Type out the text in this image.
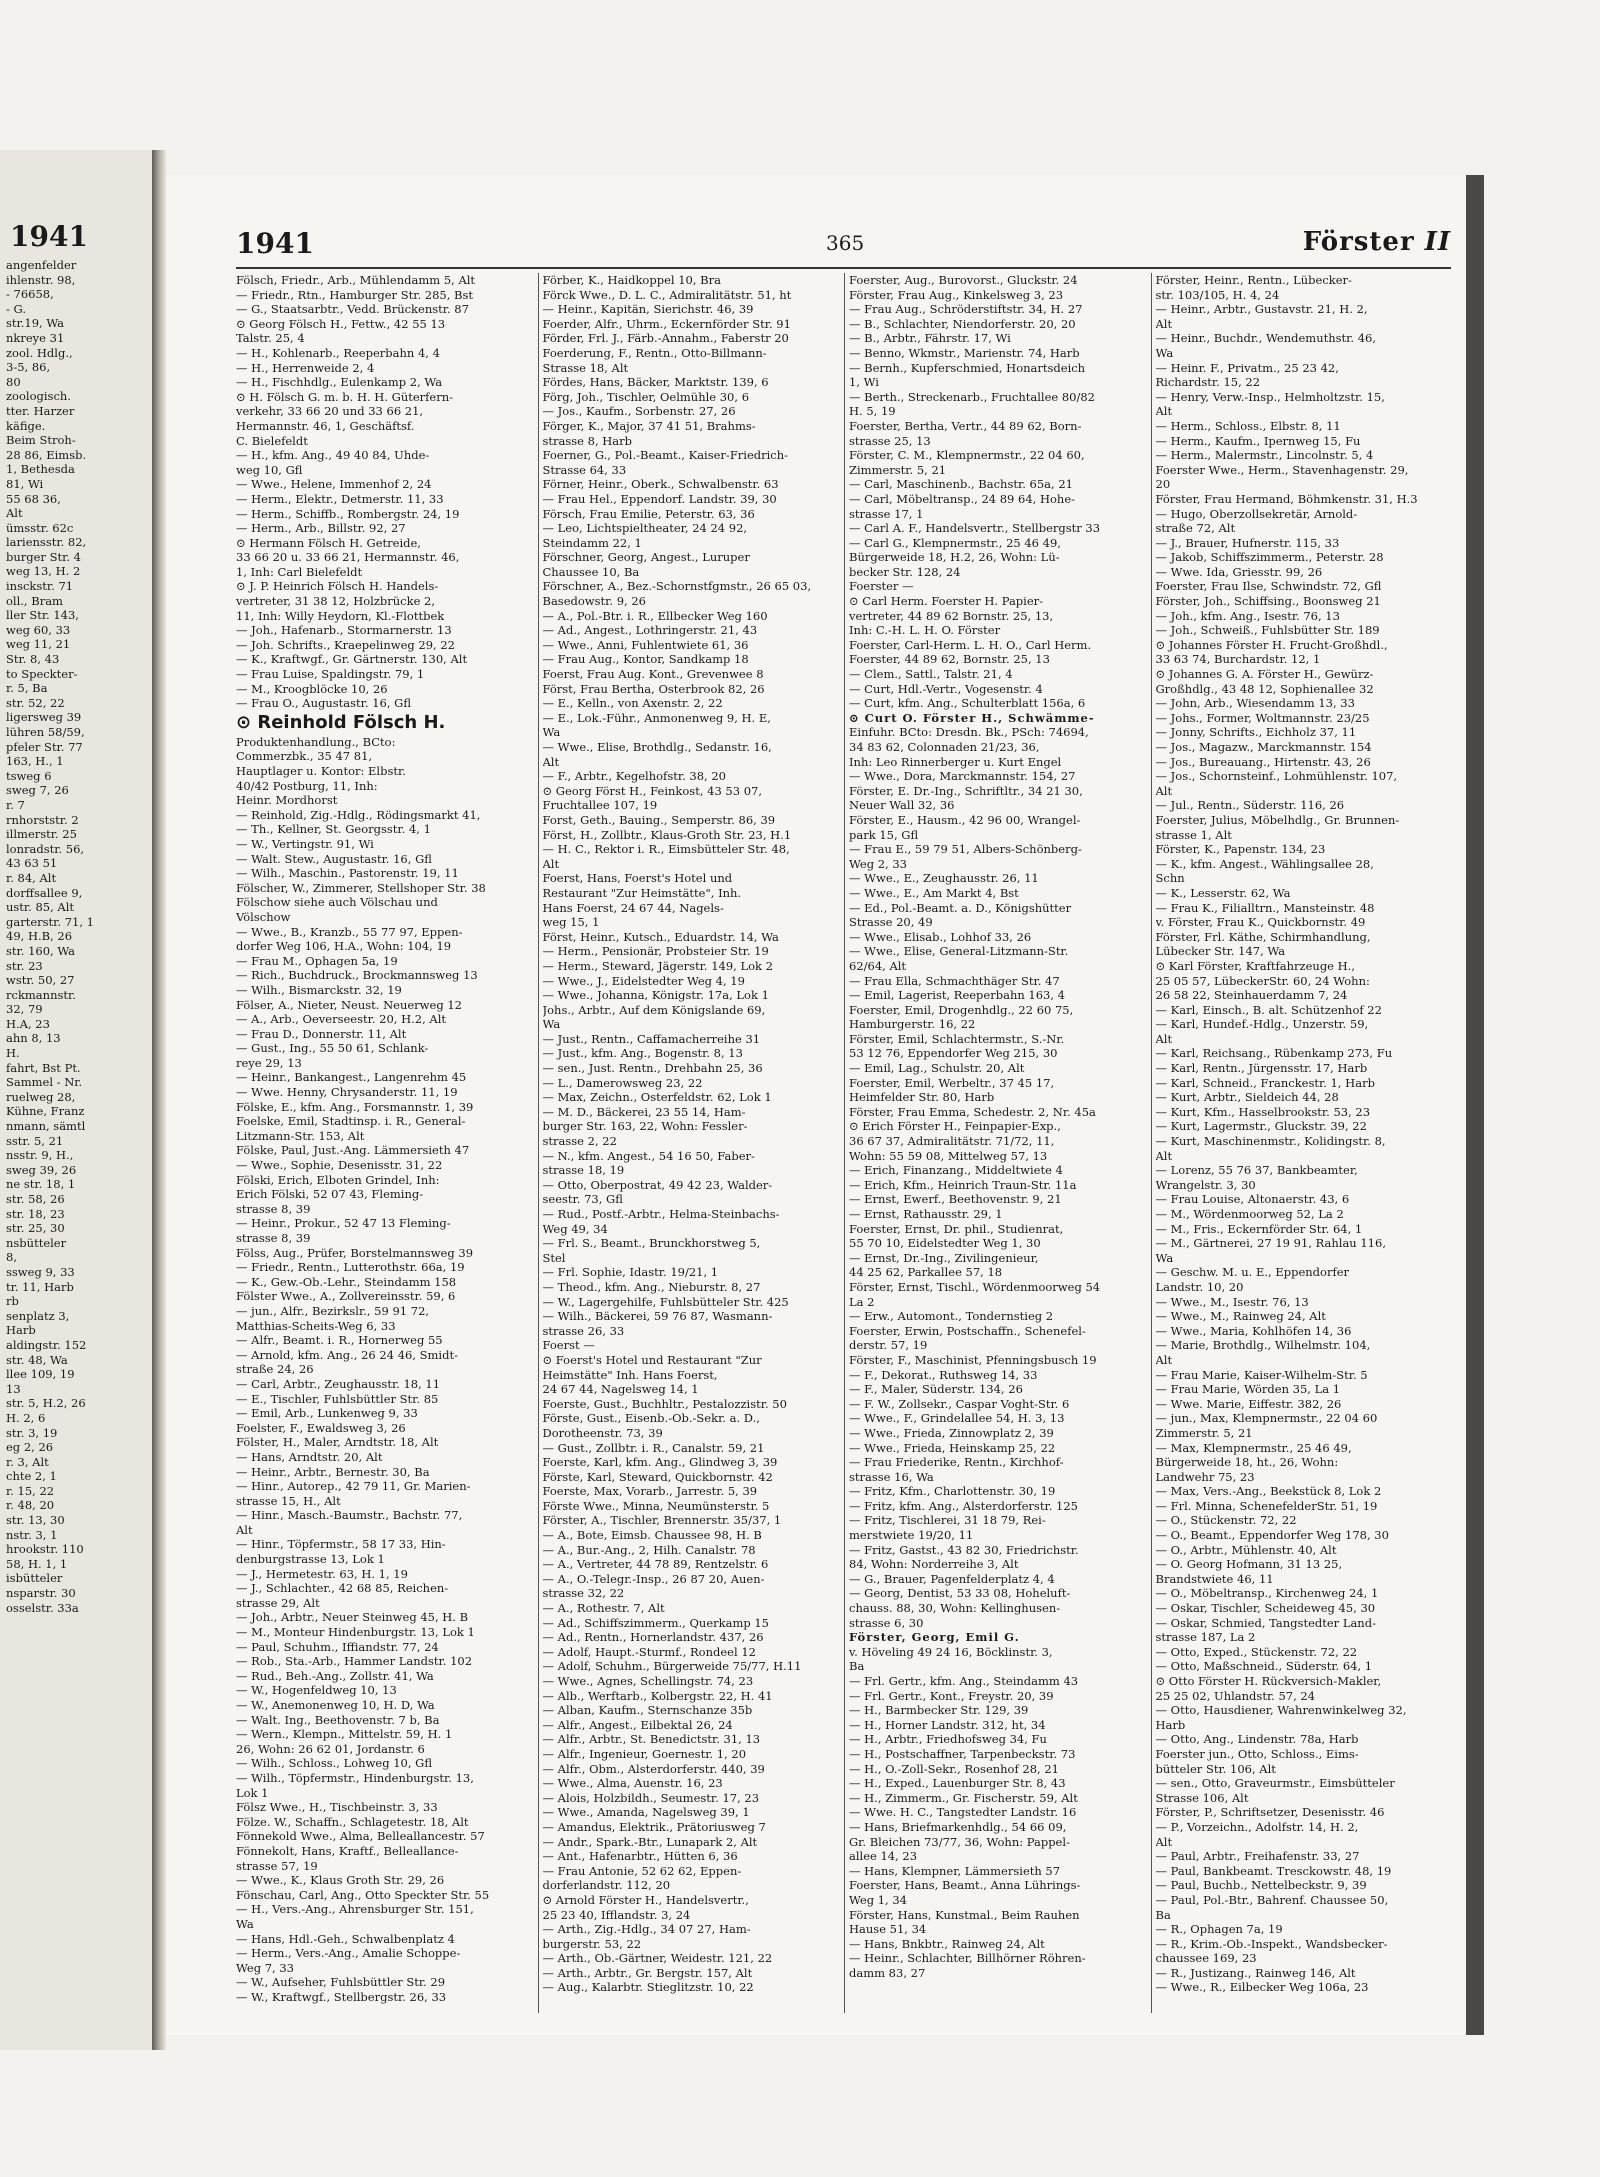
1941
angenfelder
ihlenstr. 98,
- 76658,
- G.
str.19, Wa
nkreye 31
zool. Hdlg.,
3-5, 86,
80
zoologisch.
tter. Harzer
käfige.
Beim Stroh-
28 86, Eimsb.
1, Bethesda
81, Wi
55 68 36,
Alt
ümsstr. 62c
lariensstr. 82,
burger Str. 4
weg 13, H. 2
insckstr. 71
oll., Bram
ller Str. 143,
weg 60, 33
weg 11, 21
Str. 8, 43
to Speckter-
r. 5, Ba
str. 52, 22
ligersweg 39
lühren 58/59,
pfeler Str. 77
163, H., 1
tsweg 6
sweg 7, 26
r. 7
rnhorststr. 2
illmerstr. 25
lonradstr. 56,
43 63 51
r. 84, Alt
dorffsallee 9,
ustr. 85, Alt
garterstr. 71, 1
49, H.B, 26
str. 160, Wa
str. 23
wstr. 50, 27
rckmannstr.
32, 79
H.A, 23
ahn 8, 13
H.
fahrt, Bst Pt.
Sammel - Nr.
ruelweg 28,
Kühne, Franz
nmann, sämtl
sstr. 5, 21
nsstr. 9, H.,
sweg 39, 26
ne str. 18, 1
str. 58, 26
str. 18, 23
str. 25, 30
nsbütteler
8,
ssweg 9, 33
tr. 11, Harb
rb
senplatz 3,
Harb
aldingstr. 152
str. 48, Wa
llee 109, 19
13
str. 5, H.2, 26
H. 2, 6
str. 3, 19
eg 2, 26
r. 3, Alt
chte 2, 1
r. 15, 22
r. 48, 20
str. 13, 30
nstr. 3, 1
hrookstr. 110
58, H. 1, 1
isbütteler
nsparstr. 30
osselstr. 33a
1941	365	Förster II
Fölsch, Friedr., Arb., Mühlendamm 5, Alt
— Friedr., Rtn., Hamburger Str. 285, Bst
— G., Staatsarbtr., Vedd. Brückenstr. 87
⊙ Georg Fölsch H., Fettw., 42 55 13
Talstr. 25, 4
— H., Kohlenarb., Reeperbahn 4, 4
— H., Herrenweide 2, 4
— H., Fischhdlg., Eulenkamp 2, Wa
⊙ H. Fölsch G. m. b. H. H. Güterfern-
verkehr, 33 66 20 und 33 66 21,
Hermannstr. 46, 1, Geschäftsf.
C. Bielefeldt
— H., kfm. Ang., 49 40 84, Uhde-
weg 10, Gfl
— Wwe., Helene, Immenhof 2, 24
— Herm., Elektr., Detmerstr. 11, 33
— Herm., Schiffb., Rombergstr. 24, 19
— Herm., Arb., Billstr. 92, 27
⊙ Hermann Fölsch H. Getreide,
33 66 20 u. 33 66 21, Hermannstr. 46,
1, Inh: Carl Bielefeldt
⊙ J. P. Heinrich Fölsch H. Handels-
vertreter, 31 38 12, Holzbrücke 2,
11, Inh: Willy Heydorn, Kl.-Flottbek
— Joh., Hafenarb., Stormarnerstr. 13
— Joh. Schrifts., Kraepelinweg 29, 22
— K., Kraftwgf., Gr. Gärtnerstr. 130, Alt
— Frau Luise, Spaldingstr. 79, 1
— M., Kroogblöcke 10, 26
— Frau O., Augustastr. 16, Gfl
⊙ Reinhold Fölsch H.
Produktenhandlung., BCto:
Commerzbk., 35 47 81,
Hauptlager u. Kontor: Elbstr.
40/42 Postburg, 11, Inh:
Heinr. Mordhorst
— Reinhold, Zig.-Hdlg., Rödingsmarkt 41,
— Th., Kellner, St. Georgsstr. 4, 1
— W., Vertingstr. 91, Wi
— Walt. Stew., Augustastr. 16, Gfl
— Wilh., Maschin., Pastorenstr. 19, 11
Fölscher, W., Zimmerer, Stellshoper Str. 38
Fölschow siehe auch Völschau und
Völschow
— Wwe., B., Kranzb., 55 77 97, Eppen-
dorfer Weg 106, H.A., Wohn: 104, 19
— Frau M., Ophagen 5a, 19
— Rich., Buchdruck., Brockmannsweg 13
— Wilh., Bismarckstr. 32, 19
Fölser, A., Nieter, Neust. Neuerweg 12
— A., Arb., Oeverseestr. 20, H.2, Alt
— Frau D., Donnerstr. 11, Alt
— Gust., Ing., 55 50 61, Schlank-
reye 29, 13
— Heinr., Bankangest., Langenrehm 45
— Wwe. Henny, Chrysanderstr. 11, 19
Fölske, E., kfm. Ang., Forsmannstr. 1, 39
Foelske, Emil, Stadtinsp. i. R., General-
Litzmann-Str. 153, Alt
Fölske, Paul, Just.-Ang. Lämmersieth 47
— Wwe., Sophie, Desenisstr. 31, 22
Fölski, Erich, Elboten Grindel, Inh:
Erich Fölski, 52 07 43, Fleming-
strasse 8, 39
— Heinr., Prokur., 52 47 13 Fleming-
strasse 8, 39
Fölss, Aug., Prüfer, Borstelmannsweg 39
— Friedr., Rentn., Lutterothstr. 66a, 19
— K., Gew.-Ob.-Lehr., Steindamm 158
Fölster Wwe., A., Zollvereinsstr. 59, 6
— jun., Alfr., Bezirkslr., 59 91 72,
Matthias-Scheits-Weg 6, 33
— Alfr., Beamt. i. R., Hornerweg 55
— Arnold, kfm. Ang., 26 24 46, Smidt-
straße 24, 26
— Carl, Arbtr., Zeughausstr. 18, 11
— E., Tischler, Fuhlsbüttler Str. 85
— Emil, Arb., Lunkenweg 9, 33
Foelster, F., Ewaldsweg 3, 26
Fölster, H., Maler, Arndtstr. 18, Alt
— Hans, Arndtstr. 20, Alt
— Heinr., Arbtr., Bernestr. 30, Ba
— Hinr., Autorep., 42 79 11, Gr. Marien-
strasse 15, H., Alt
— Hinr., Masch.-Baumstr., Bachstr. 77,
Alt
— Hinr., Töpfermstr., 58 17 33, Hin-
denburgstrasse 13, Lok 1
— J., Hermetestr. 63, H. 1, 19
— J., Schlachter., 42 68 85, Reichen-
strasse 29, Alt
— Joh., Arbtr., Neuer Steinweg 45, H. B
— M., Monteur Hindenburgstr. 13, Lok 1
— Paul, Schuhm., Iffiandstr. 77, 24
— Rob., Sta.-Arb., Hammer Landstr. 102
— Rud., Beh.-Ang., Zollstr. 41, Wa
— W., Hogenfeldweg 10, 13
— W., Anemonenweg 10, H. D, Wa
— Walt. Ing., Beethovenstr. 7 b, Ba
— Wern., Klempn., Mittelstr. 59, H. 1
26, Wohn: 26 62 01, Jordanstr. 6
— Wilh., Schloss., Lohweg 10, Gfl
— Wilh., Töpfermstr., Hindenburgstr. 13,
Lok 1
Fölsz Wwe., H., Tischbeinstr. 3, 33
Fölze. W., Schaffn., Schlagetestr. 18, Alt
Fönnekold Wwe., Alma, Belleallancestr. 57
Fönnekolt, Hans, Kraftf., Belleallance-
strasse 57, 19
— Wwe., K., Klaus Groth Str. 29, 26
Fönschau, Carl, Ang., Otto Speckter Str. 55
— H., Vers.-Ang., Ahrensburger Str. 151,
Wa
— Hans, Hdl.-Geh., Schwalbenplatz 4
— Herm., Vers.-Ang., Amalie Schoppe-
Weg 7, 33
— W., Aufseher, Fuhlsbüttler Str. 29
— W., Kraftwgf., Stellbergstr. 26, 33
Förber, K., Haidkoppel 10, Bra
Förck Wwe., D. L. C., Admiralitätstr. 51, ht
— Heinr., Kapitän, Sierichstr. 46, 39
Foerder, Alfr., Uhrm., Eckernförder Str. 91
Förder, Frl. J., Färb.-Annahm., Faberstr 20
Foerderung, F., Rentn., Otto-Billmann-
Strasse 18, Alt
Fördes, Hans, Bäcker, Marktstr. 139, 6
Förg, Joh., Tischler, Oelmühle 30, 6
— Jos., Kaufm., Sorbenstr. 27, 26
Förger, K., Major, 37 41 51, Brahms-
strasse 8, Harb
Foerner, G., Pol.-Beamt., Kaiser-Friedrich-
Strasse 64, 33
Förner, Heinr., Oberk., Schwalbenstr. 63
— Frau Hel., Eppendorf. Landstr. 39, 30
Försch, Frau Emilie, Peterstr. 63, 36
— Leo, Lichtspieltheater, 24 24 92,
Steindamm 22, 1
Förschner, Georg, Angest., Luruper
Chaussee 10, Ba
Förschner, A., Bez.-Schornstfgmstr., 26 65 03,
Basedowstr. 9, 26
— A., Pol.-Btr. i. R., Ellbecker Weg 160
— Ad., Angest., Lothringerstr. 21, 43
— Wwe., Anni, Fuhlentwiete 61, 36
— Frau Aug., Kontor, Sandkamp 18
Foerst, Frau Aug. Kont., Grevenwee 8
Först, Frau Bertha, Osterbrook 82, 26
— E., Kelln., von Axenstr. 2, 22
— E., Lok.-Führ., Anmonenweg 9, H. E,
Wa
— Wwe., Elise, Brothdlg., Sedanstr. 16,
Alt
— F., Arbtr., Kegelhofstr. 38, 20
⊙ Georg Först H., Feinkost, 43 53 07,
Fruchtallee 107, 19
Forst, Geth., Bauing., Semperstr. 86, 39
Först, H., Zollbtr., Klaus-Groth Str. 23, H.1
— H. C., Rektor i. R., Eimsbütteler Str. 48,
Alt
Foerst, Hans, Foerst's Hotel und
Restaurant "Zur Heimstätte", Inh.
Hans Foerst, 24 67 44, Nagels-
weg 15, 1
Först, Heinr., Kutsch., Eduardstr. 14, Wa
— Herm., Pensionär, Probsteier Str. 19
— Herm., Steward, Jägerstr. 149, Lok 2
— Wwe., J., Eidelstedter Weg 4, 19
— Wwe., Johanna, Königstr. 17a, Lok 1
Johs., Arbtr., Auf dem Königslande 69,
Wa
— Just., Rentn., Caffamacherreihe 31
— Just., kfm. Ang., Bogenstr. 8, 13
— sen., Just. Rentn., Drehbahn 25, 36
— L., Damerowsweg 23, 22
— Max, Zeichn., Osterfeldstr. 62, Lok 1
— M. D., Bäckerei, 23 55 14, Ham-
burger Str. 163, 22, Wohn: Fessler-
strasse 2, 22
— N., kfm. Angest., 54 16 50, Faber-
strasse 18, 19
— Otto, Oberpostrat, 49 42 23, Walder-
seestr. 73, Gfl
— Rud., Postf.-Arbtr., Helma-Steinbachs-
Weg 49, 34
— Frl. S., Beamt., Brunckhorstweg 5,
Stel
— Frl. Sophie, Idastr. 19/21, 1
— Theod., kfm. Ang., Nieburstr. 8, 27
— W., Lagergehilfe, Fuhlsbütteler Str. 425
— Wilh., Bäckerei, 59 76 87, Wasmann-
strasse 26, 33
Foerst —
⊙ Foerst's Hotel und Restaurant "Zur
Heimstätte" Inh. Hans Foerst,
24 67 44, Nagelsweg 14, 1
Foerste, Gust., Buchhltr., Pestalozzistr. 50
Förste, Gust., Eisenb.-Ob.-Sekr. a. D.,
Dorotheenstr. 73, 39
— Gust., Zollbtr. i. R., Canalstr. 59, 21
Foerste, Karl, kfm. Ang., Glindweg 3, 39
Förste, Karl, Steward, Quickbornstr. 42
Foerste, Max, Vorarb., Jarrestr. 5, 39
Förste Wwe., Minna, Neumünsterstr. 5
Förster, A., Tischler, Brennerstr. 35/37, 1
— A., Bote, Eimsb. Chaussee 98, H. B
— A., Bur.-Ang., 2, Hilh. Canalstr. 78
— A., Vertreter, 44 78 89, Rentzelstr. 6
— A., O.-Telegr.-Insp., 26 87 20, Auen-
strasse 32, 22
— A., Rothestr. 7, Alt
— Ad., Schiffszimmerm., Querkamp 15
— Ad., Rentn., Hornerlandstr. 437, 26
— Adolf, Haupt.-Sturmf., Rondeel 12
— Adolf, Schuhm., Bürgerweide 75/77, H.11
— Wwe., Agnes, Schellingstr. 74, 23
— Alb., Werftarb., Kolbergstr. 22, H. 41
— Alban, Kaufm., Sternschanze 35b
— Alfr., Angest., Eilbektal 26, 24
— Alfr., Arbtr., St. Benedictstr. 31, 13
— Alfr., Ingenieur, Goernestr. 1, 20
— Alfr., Obm., Alsterdorferstr. 440, 39
— Wwe., Alma, Auenstr. 16, 23
— Alois, Holzbildh., Seumestr. 17, 23
— Wwe., Amanda, Nagelsweg 39, 1
— Amandus, Elektrik., Prätoriusweg 7
— Andr., Spark.-Btr., Lunapark 2, Alt
— Ant., Hafenarbtr., Hütten 6, 36
— Frau Antonie, 52 62 62, Eppen-
dorferlandstr. 112, 20
⊙ Arnold Förster H., Handelsvertr.,
25 23 40, Ifflandstr. 3, 24
— Arth., Zig.-Hdlg., 34 07 27, Ham-
burgerstr. 53, 22
— Arth., Ob.-Gärtner, Weidestr. 121, 22
— Arth., Arbtr., Gr. Bergstr. 157, Alt
— Aug., Kalarbtr. Stieglitzstr. 10, 22
Foerster, Aug., Burovorst., Gluckstr. 24
Förster, Frau Aug., Kinkelsweg 3, 23
— Frau Aug., Schröderstiftstr. 34, H. 27
— B., Schlachter, Niendorferstr. 20, 20
— B., Arbtr., Fährstr. 17, Wi
— Benno, Wkmstr., Marienstr. 74, Harb
— Bernh., Kupferschmied, Honartsdeich
1, Wi
— Berth., Streckenarb., Fruchtallee 80/82
H. 5, 19
Foerster, Bertha, Vertr., 44 89 62, Born-
strasse 25, 13
Förster, C. M., Klempnermstr., 22 04 60,
Zimmerstr. 5, 21
— Carl, Maschinenb., Bachstr. 65a, 21
— Carl, Möbeltransp., 24 89 64, Hohe-
strasse 17, 1
— Carl A. F., Handelsvertr., Stellbergstr 33
— Carl G., Klempnermstr., 25 46 49,
Bürgerweide 18, H.2, 26, Wohn: Lü-
becker Str. 128, 24
Foerster —
⊙ Carl Herm. Foerster H. Papier-
vertreter, 44 89 62 Bornstr. 25, 13,
Inh: C.-H. L. H. O. Förster
Foerster, Carl-Herm. L. H. O., Carl Herm.
Foerster, 44 89 62, Bornstr. 25, 13
— Clem., Sattl., Talstr. 21, 4
— Curt, Hdl.-Vertr., Vogesenstr. 4
— Curt, kfm. Ang., Schulterblatt 156a, 6
⊙ Curt O. Förster H., Schwämme-
Einfuhr. BCto: Dresdn. Bk., PSch: 74694,
34 83 62, Colonnaden 21/23, 36,
Inh: Leo Rinnerberger u. Kurt Engel
— Wwe., Dora, Marckmannstr. 154, 27
Förster, E. Dr.-Ing., Schriftltr., 34 21 30,
Neuer Wall 32, 36
Förster, E., Hausm., 42 96 00, Wrangel-
park 15, Gfl
— Frau E., 59 79 51, Albers-Schönberg-
Weg 2, 33
— Wwe., E., Zeughausstr. 26, 11
— Wwe., E., Am Markt 4, Bst
— Ed., Pol.-Beamt. a. D., Königshütter
Strasse 20, 49
— Wwe., Elisab., Lohhof 33, 26
— Wwe., Elise, General-Litzmann-Str.
62/64, Alt
— Frau Ella, Schmachthäger Str. 47
— Emil, Lagerist, Reeperbahn 163, 4
Foerster, Emil, Drogenhdlg., 22 60 75,
Hamburgerstr. 16, 22
Förster, Emil, Schlachtermstr., S.-Nr.
53 12 76, Eppendorfer Weg 215, 30
— Emil, Lag., Schulstr. 20, Alt
Foerster, Emil, Werbeltr., 37 45 17,
Heimfelder Str. 80, Harb
Förster, Frau Emma, Schedestr. 2, Nr. 45a
⊙ Erich Förster H., Feinpapier-Exp.,
36 67 37, Admiralitätstr. 71/72, 11,
Wohn: 55 59 08, Mittelweg 57, 13
— Erich, Finanzang., Middeltwiete 4
— Erich, Kfm., Heinrich Traun-Str. 11a
— Ernst, Ewerf., Beethovenstr. 9, 21
— Ernst, Rathausstr. 29, 1
Foerster, Ernst, Dr. phil., Studienrat,
55 70 10, Eidelstedter Weg 1, 30
— Ernst, Dr.-Ing., Zivilingenieur,
44 25 62, Parkallee 57, 18
Förster, Ernst, Tischl., Wördenmoorweg 54
La 2
— Erw., Automont., Tondernstieg 2
Foerster, Erwin, Postschaffn., Schenefel-
derstr. 57, 19
Förster, F., Maschinist, Pfenningsbusch 19
— F., Dekorat., Ruthsweg 14, 33
— F., Maler, Süderstr. 134, 26
— F. W., Zollsekr., Caspar Voght-Str. 6
— Wwe., F., Grindelallee 54, H. 3, 13
— Wwe., Frieda, Zinnowplatz 2, 39
— Wwe., Frieda, Heinskamp 25, 22
— Frau Friederike, Rentn., Kirchhof-
strasse 16, Wa
— Fritz, Kfm., Charlottenstr. 30, 19
— Fritz, kfm. Ang., Alsterdorferstr. 125
— Fritz, Tischlerei, 31 18 79, Rei-
merstwiete 19/20, 11
— Fritz, Gastst., 43 82 30, Friedrichstr.
84, Wohn: Norderreihe 3, Alt
— G., Brauer, Pagenfelderplatz 4, 4
— Georg, Dentist, 53 33 08, Hoheluft-
chauss. 88, 30, Wohn: Kellinghusen-
strasse 6, 30
Förster, Georg, Emil G.
v. Höveling 49 24 16, Böcklinstr. 3,
Ba
— Frl. Gertr., kfm. Ang., Steindamm 43
— Frl. Gertr., Kont., Freystr. 20, 39
— H., Barmbecker Str. 129, 39
— H., Horner Landstr. 312, ht, 34
— H., Arbtr., Friedhofsweg 34, Fu
— H., Postschaffner, Tarpenbeckstr. 73
— H., O.-Zoll-Sekr., Rosenhof 28, 21
— H., Exped., Lauenburger Str. 8, 43
— H., Zimmerm., Gr. Fischerstr. 59, Alt
— Wwe. H. C., Tangstedter Landstr. 16
— Hans, Briefmarkenhdlg., 54 66 09,
Gr. Bleichen 73/77, 36, Wohn: Pappel-
allee 14, 23
— Hans, Klempner, Lämmersieth 57
Foerster, Hans, Beamt., Anna Lührings-
Weg 1, 34
Förster, Hans, Kunstmal., Beim Rauhen
Hause 51, 34
— Hans, Bnkbtr., Rainweg 24, Alt
— Heinr., Schlachter, Billhörner Röhren-
damm 83, 27
Förster, Heinr., Rentn., Lübecker-
str. 103/105, H. 4, 24
— Heinr., Arbtr., Gustavstr. 21, H. 2,
Alt
— Heinr., Buchdr., Wendemuthstr. 46,
Wa
— Heinr. F., Privatm., 25 23 42,
Richardstr. 15, 22
— Henry, Verw.-Insp., Helmholtzstr. 15,
Alt
— Herm., Schloss., Elbstr. 8, 11
— Herm., Kaufm., Ipernweg 15, Fu
— Herm., Malermstr., Lincolnstr. 5, 4
Foerster Wwe., Herm., Stavenhagenstr. 29,
20
Förster, Frau Hermand, Böhmkenstr. 31, H.3
— Hugo, Oberzollsekretär, Arnold-
straße 72, Alt
— J., Brauer, Hufnerstr. 115, 33
— Jakob, Schiffszimmerm., Peterstr. 28
— Wwe. Ida, Griesstr. 99, 26
Foerster, Frau Ilse, Schwindstr. 72, Gfl
Förster, Joh., Schiffsing., Boonsweg 21
— Joh., kfm. Ang., Isestr. 76, 13
— Joh., Schweiß., Fuhlsbütter Str. 189
⊙ Johannes Förster H. Frucht-Großhdl.,
33 63 74, Burchardstr. 12, 1
⊙ Johannes G. A. Förster H., Gewürz-
Großhdlg., 43 48 12, Sophienallee 32
— John, Arb., Wiesendamm 13, 33
— Johs., Former, Woltmannstr. 23/25
— Jonny, Schrifts., Eichholz 37, 11
— Jos., Magazw., Marckmannstr. 154
— Jos., Bureauang., Hirtenstr. 43, 26
— Jos., Schornsteinf., Lohmühlenstr. 107,
Alt
— Jul., Rentn., Süderstr. 116, 26
Foerster, Julius, Möbelhdlg., Gr. Brunnen-
strasse 1, Alt
Förster, K., Papenstr. 134, 23
— K., kfm. Angest., Wählingsallee 28,
Schn
— K., Lesserstr. 62, Wa
— Frau K., Filialltrn., Mansteinstr. 48
v. Förster, Frau K., Quickbornstr. 49
Förster, Frl. Käthe, Schirmhandlung,
Lübecker Str. 147, Wa
⊙ Karl Förster, Kraftfahrzeuge H.,
25 05 57, LübeckerStr. 60, 24 Wohn:
26 58 22, Steinhauerdamm 7, 24
— Karl, Einsch., B. alt. Schützenhof 22
— Karl, Hundef.-Hdlg., Unzerstr. 59,
Alt
— Karl, Reichsang., Rübenkamp 273, Fu
— Karl, Rentn., Jürgensstr. 17, Harb
— Karl, Schneid., Franckestr. 1, Harb
— Kurt, Arbtr., Sieldeich 44, 28
— Kurt, Kfm., Hasselbrookstr. 53, 23
— Kurt, Lagermstr., Gluckstr. 39, 22
— Kurt, Maschinenmstr., Kolidingstr. 8,
Alt
— Lorenz, 55 76 37, Bankbeamter,
Wrangelstr. 3, 30
— Frau Louise, Altonaerstr. 43, 6
— M., Wördenmoorweg 52, La 2
— M., Fris., Eckernförder Str. 64, 1
— M., Gärtnerei, 27 19 91, Rahlau 116,
Wa
— Geschw. M. u. E., Eppendorfer
Landstr. 10, 20
— Wwe., M., Isestr. 76, 13
— Wwe., M., Rainweg 24, Alt
— Wwe., Maria, Kohlhöfen 14, 36
— Marie, Brothdlg., Wilhelmstr. 104,
Alt
— Frau Marie, Kaiser-Wilhelm-Str. 5
— Frau Marie, Wörden 35, La 1
— Wwe. Marie, Eiffestr. 382, 26
— jun., Max, Klempnermstr., 22 04 60
Zimmerstr. 5, 21
— Max, Klempnermstr., 25 46 49,
Bürgerweide 18, ht., 26, Wohn:
Landwehr 75, 23
— Max, Vers.-Ang., Beekstück 8, Lok 2
— Frl. Minna, SchenefelderStr. 51, 19
— O., Stückenstr. 72, 22
— O., Beamt., Eppendorfer Weg 178, 30
— O., Arbtr., Mühlenstr. 40, Alt
— O. Georg Hofmann, 31 13 25,
Brandstwiete 46, 11
— O., Möbeltransp., Kirchenweg 24, 1
— Oskar, Tischler, Scheideweg 45, 30
— Oskar, Schmied, Tangstedter Land-
strasse 187, La 2
— Otto, Exped., Stückenstr. 72, 22
— Otto, Maßschneid., Süderstr. 64, 1
⊙ Otto Förster H. Rückversich-Makler,
25 25 02, Uhlandstr. 57, 24
— Otto, Hausdiener, Wahrenwinkelweg 32,
Harb
— Otto, Ang., Lindenstr. 78a, Harb
Foerster jun., Otto, Schloss., Eims-
bütteler Str. 106, Alt
— sen., Otto, Graveurmstr., Eimsbütteler
Strasse 106, Alt
Förster, P., Schriftsetzer, Desenisstr. 46
— P., Vorzeichn., Adolfstr. 14, H. 2,
Alt
— Paul, Arbtr., Freihafenstr. 33, 27
— Paul, Bankbeamt. Tresckowstr. 48, 19
— Paul, Buchb., Nettelbeckstr. 9, 39
— Paul, Pol.-Btr., Bahrenf. Chaussee 50,
Ba
— R., Ophagen 7a, 19
— R., Krim.-Ob.-Inspekt., Wandsbecker-
chaussee 169, 23
— R., Justizang., Rainweg 146, Alt
— Wwe., R., Eilbecker Weg 106a, 23
